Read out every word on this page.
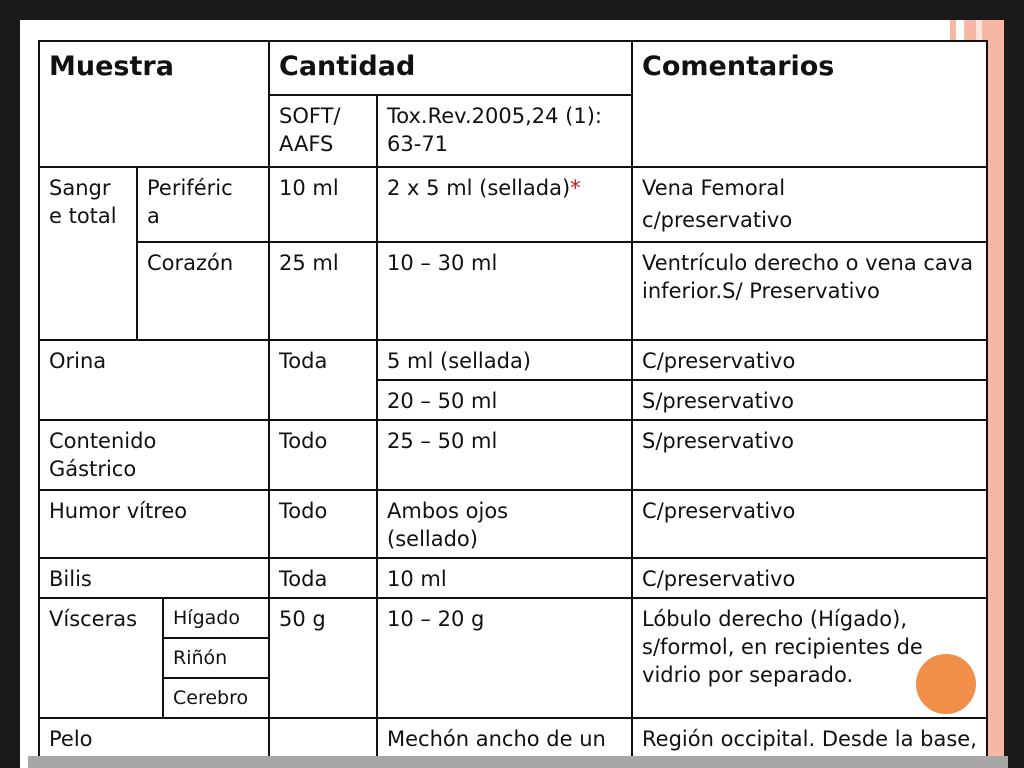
Muestra			Cantidad		Comentarios
			SOFT/ AAFS	Tox.Rev.2005,24 (1): 63-71	

Sangre total	Periférica		10 ml	2 x 5 ml (sellada)*	Vena Femoral
c/preservativo

	Corazón		25 ml	10 – 30 ml	Ventrículo derecho o vena cava inferior.S/ Preservativo
Orina			Toda	5 ml (sellada)	C/preservativo
				20 – 50 ml	S/preservativo

Contenido Gástrico			Todo	25 – 50 ml	S/preservativo
Humor vítreo			Todo	Ambos ojos (sellado)	C/preservativo
Bilis			Toda	10 ml	C/preservativo
Vísceras		Hígado	50 g	10 – 20 g	Lóbulo derecho (Hígado), s/formol, en recipientes de vidrio por separado.
		Riñón			
		Cerebro			
Pelo				Mechón ancho de un	Región occipital. Desde la base,
